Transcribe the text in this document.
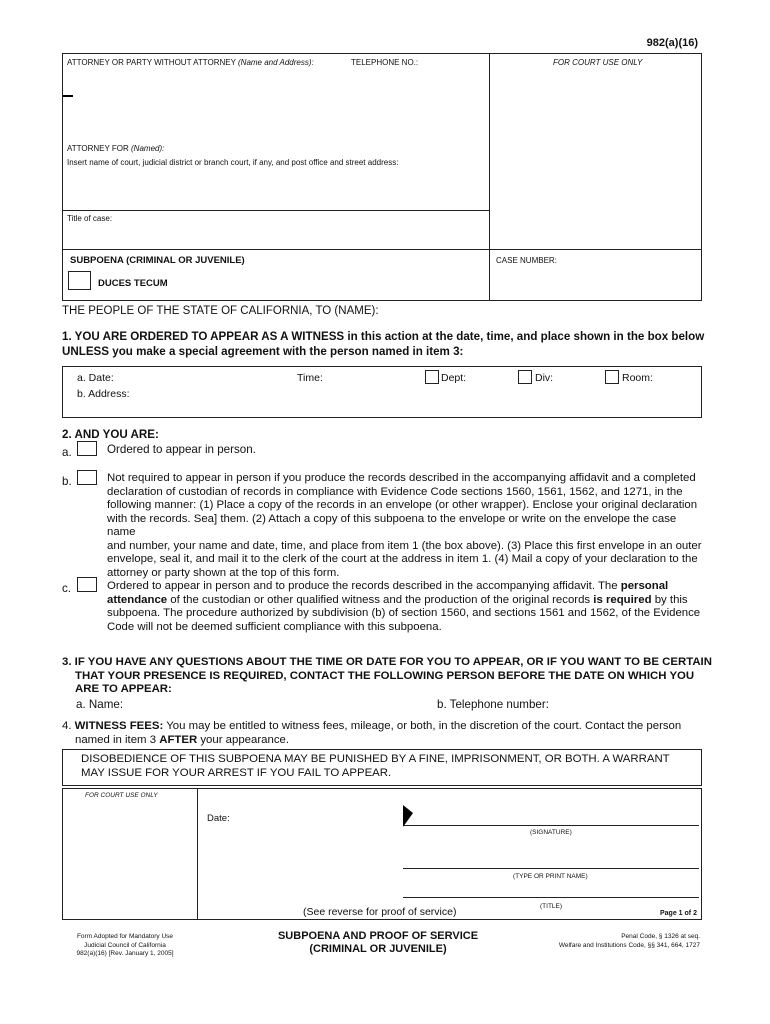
982(a)(16)
ATTORNEY OR PARTY WITHOUT ATTORNEY (Name and Address):	TELEPHONE NO.:	FOR COURT USE ONLY
ATTORNEY FOR (Named):
Insert name of court, judicial district or branch court, if any, and post office and street address:
Title of case:
SUBPOENA (CRIMINAL OR JUVENILE)
DUCES TECUM
CASE NUMBER:
THE PEOPLE OF THE STATE OF CALIFORNIA, TO (NAME):
1. YOU ARE ORDERED TO APPEAR AS A WITNESS in this action at the date, time, and place shown in the box below
UNLESS you make a special agreement with the person named in item 3:
a. Date:	Time:	Dept:	Div:	Room:
b. Address:
2. AND YOU ARE:
a.	Ordered to appear in person.
b.	Not required to appear in person if you produce the records described in the accompanying affidavit and a completed
declaration of custodian of records in compliance with Evidence Code sections 1560, 1561, 1562, and 1271, in the
following manner: (1) Place a copy of the records in an envelope (or other wrapper). Enclose your original declaration
with the records. Sea] them. (2) Attach a copy of this subpoena to the envelope or write on the envelope the case name
and number, your name and date, time, and place from item 1 (the box above). (3) Place this first envelope in an outer
envelope, seal it, and mail it to the clerk of the court at the address in item 1. (4) Mail a copy of your declaration to the
attorney or party shown at the top of this form.
c.	Ordered to appear in person and to produce the records described in the accompanying affidavit. The personal
attendance of the custodian or other qualified witness and the production of the original records is required by this
subpoena. The procedure authorized by subdivision (b) of section 1560, and sections 1561 and 1562, of the Evidence
Code will not be deemed sufficient compliance with this subpoena.
3. IF YOU HAVE ANY QUESTIONS ABOUT THE TIME OR DATE FOR YOU TO APPEAR, OR IF YOU WANT TO BE CERTAIN
THAT YOUR PRESENCE IS REQUIRED, CONTACT THE FOLLOWING PERSON BEFORE THE DATE ON WHICH YOU
ARE TO APPEAR:
a. Name:	b. Telephone number:
4. WITNESS FEES: You may be entitled to witness fees, mileage, or both, in the discretion of the court. Contact the person
named in item 3 AFTER your appearance.
DISOBEDIENCE OF THIS SUBPOENA MAY BE PUNISHED BY A FINE, IMPRISONMENT, OR BOTH. A WARRANT
MAY ISSUE FOR YOUR ARREST IF YOU FAIL TO APPEAR.
FOR COURT USE ONLY
Date:
(SIGNATURE)
(TYPE OR PRINT NAME)
(TITLE)
(See reverse for proof of service)	Page 1 of 2
Form Adopted for Mandatory Use
Judicial Council of California
982(a)(16) [Rev. January 1, 2005]
SUBPOENA AND PROOF OF SERVICE
(CRIMINAL OR JUVENILE)
Penal Code, § 1326 at seq.
Welfare and Institutions Code, §§ 341, 664, 1727
